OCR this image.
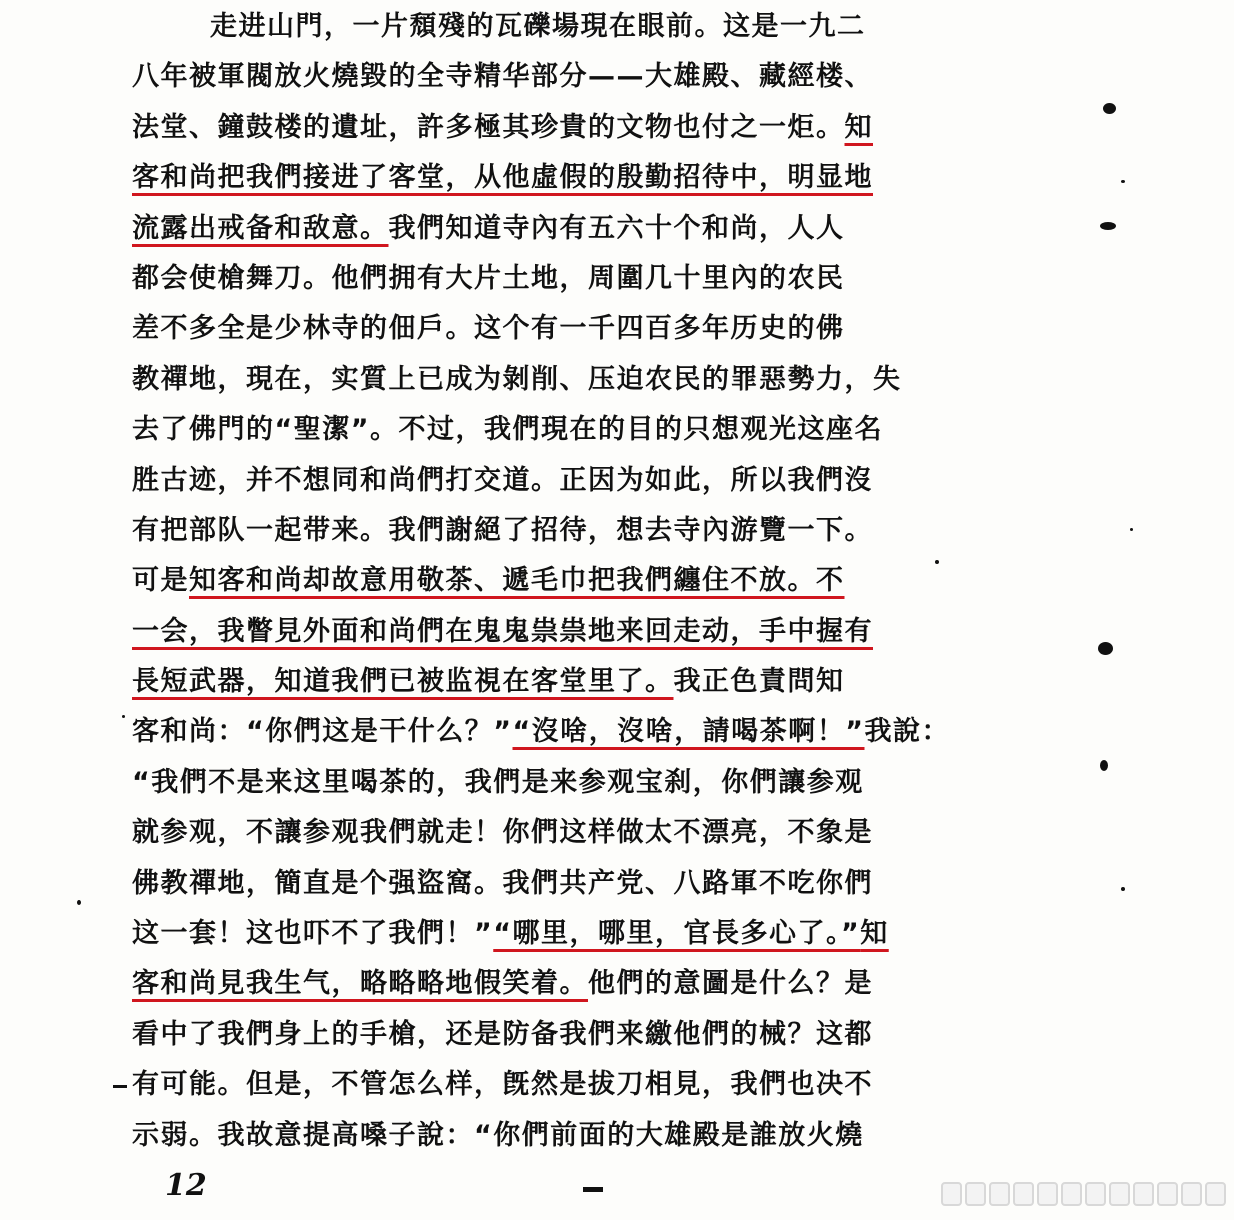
走进山門，一片頹殘的瓦礫場現在眼前。这是一九二
八年被軍閥放火燒毀的全寺精华部分——大雄殿、藏經楼、
法堂、鐘鼓楼的遺址，許多極其珍貴的文物也付之一炬。知
客和尚把我們接进了客堂，从他虛假的殷勤招待中，明显地
流露出戒备和敌意。我們知道寺內有五六十个和尚，人人
都会使槍舞刀。他們拥有大片土地，周圍几十里內的农民
差不多全是少林寺的佃戶。这个有一千四百多年历史的佛
教禪地，現在，实質上已成为剝削、压迫农民的罪惡勢力，失
去了佛門的“聖潔”。不过，我們現在的目的只想观光这座名
胜古迹，并不想同和尚們打交道。正因为如此，所以我們沒
有把部队一起带来。我們謝絕了招待，想去寺內游覽一下。
可是知客和尚却故意用敬茶、遞毛巾把我們纏住不放。不
一会，我瞥見外面和尚們在鬼鬼祟祟地来回走动，手中握有
長短武器，知道我們已被监視在客堂里了。我正色責問知
客和尚：“你們这是干什么？”“沒啥，沒啥，請喝茶啊！”我說：
“我們不是来这里喝茶的，我們是来参观宝刹，你們讓参观
就参观，不讓参观我們就走！你們这样做太不漂亮，不象是
佛教禪地，簡直是个强盜窩。我們共产党、八路軍不吃你們
这一套！这也吓不了我們！”“哪里，哪里，官長多心了。”知
客和尚見我生气，略略略地假笑着。他們的意圖是什么？是
看中了我們身上的手槍，还是防备我們来繳他們的械？这都
有可能。但是，不管怎么样，旣然是拔刀相見，我們也决不
示弱。我故意提高嗓子說：“你們前面的大雄殿是誰放火燒
12
